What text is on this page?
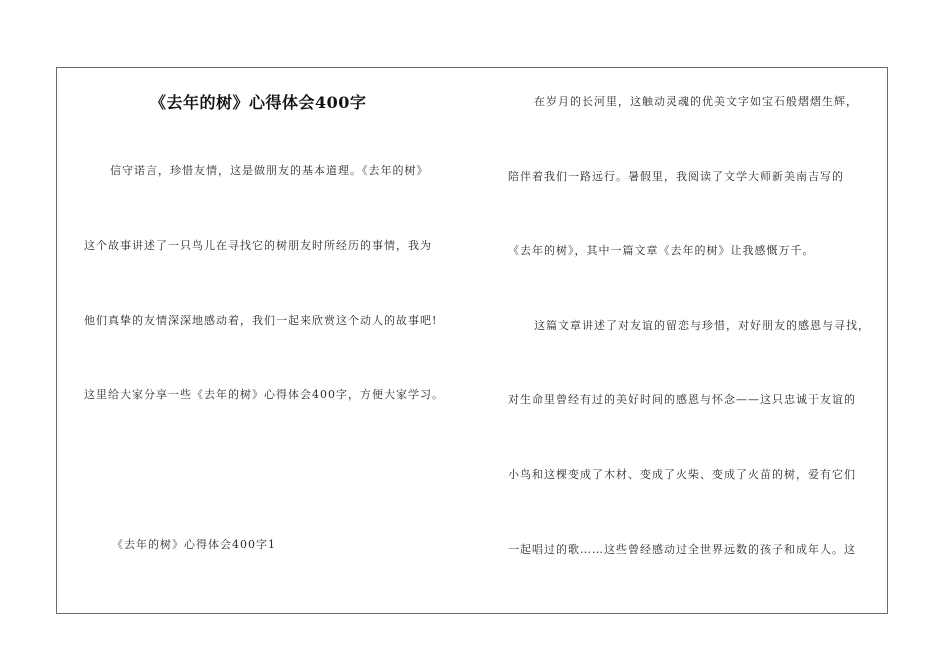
《去年的树》心得体会400字
信守诺言，珍惜友情，这是做朋友的基本道理。《去年的树》
这个故事讲述了一只鸟儿在寻找它的树朋友时所经历的事情，我为
他们真挚的友情深深地感动着，我们一起来欣赏这个动人的故事吧!
这里给大家分享一些《去年的树》心得体会400字，方便大家学习。
《去年的树》心得体会400字1
在岁月的长河里，这触动灵魂的优美文字如宝石般熠熠生辉，
陪伴着我们一路远行。暑假里，我阅读了文学大师新美南吉写的
《去年的树》，其中一篇文章《去年的树》让我感慨万千。
这篇文章讲述了对友谊的留恋与珍惜，对好朋友的感恩与寻找，
对生命里曾经有过的美好时间的感恩与怀念——这只忠诚于友谊的
小鸟和这棵变成了木材、变成了火柴、变成了火苗的树，爱有它们
一起唱过的歌……这些曾经感动过全世界远数的孩子和成年人。这
